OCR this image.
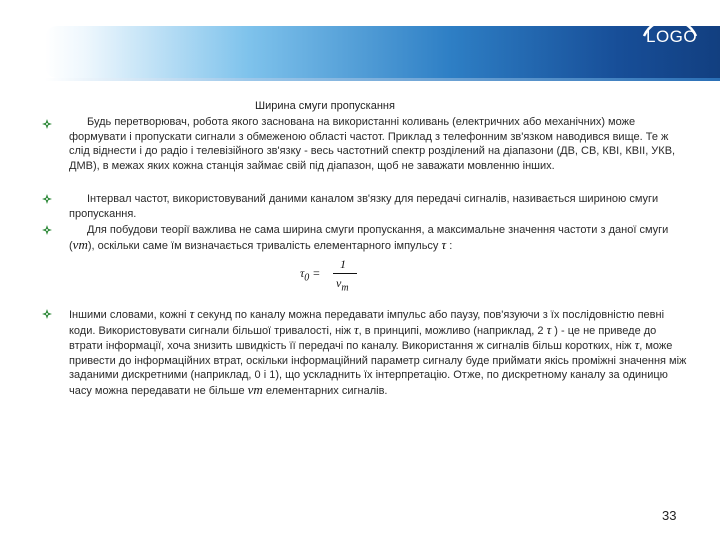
LOGO
Ширина смуги пропускання
Будь перетворювач, робота якого заснована на використанні коливань (електричних або механічних) може формувати і пропускати сигнали з обмеженою області частот. Приклад з телефонним зв'язком наводився вище. Те ж слід віднести і до радіо і телевізійного зв'язку - весь частотний спектр розділений на діапазони (ДВ, СВ, КВІ, КВІІ, УКВ, ДМВ), в межах яких кожна станція займає свій під діапазон, щоб не заважати мовленню інших.
Інтервал частот, використовуваний даними каналом зв'язку для передачі сигналів, називається шириною смуги пропускання.
Для побудови теорії важлива не сама ширина смуги пропускання, а максимальне значення частоти з даної смуги (νm), оскільки саме їм визначається тривалість елементарного імпульсу τ :
$\tau_0$ =
1
$\nu_m$
Іншими словами, кожні τ секунд по каналу можна передавати імпульс або паузу, пов'язуючи з їх послідовністю певні коди. Використовувати сигнали більшої тривалості, ніж τ, в принципі, можливо (наприклад, 2 τ ) - це не приведе до втрати інформації, хоча знизить швидкість її передачі по каналу. Використання ж сигналів більш коротких, ніж τ, може привести до інформаційних втрат, оскільки інформаційний параметр сигналу буде приймати якісь проміжні значення між заданими дискретними (наприклад, 0 і 1), що ускладнить їх інтерпретацію. Отже, по дискретному каналу за одиницю часу можна передавати не більше νm елементарних сигналів.
33
